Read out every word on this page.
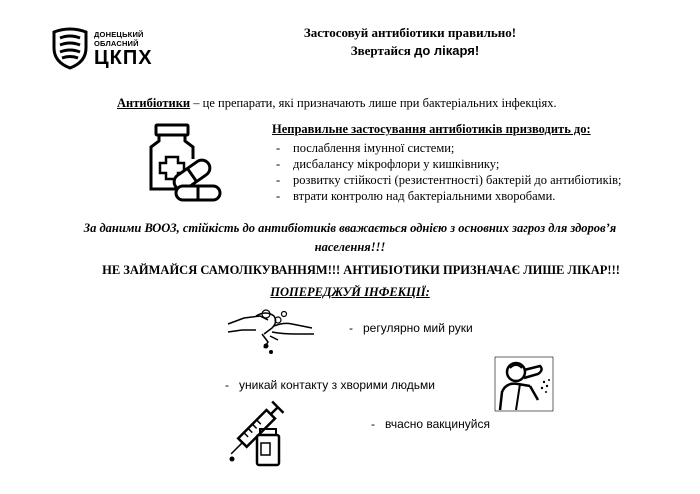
ДОНЕЦЬКИЙ
ОБЛАСНИЙ
ЦКПХ
Застосовуй антибіотики правильно!
Звертайся до лікаря!
Антибіотики – це препарати, які призначають лише при бактеріальних інфекціях.
Неправильне застосування антибіотиків призводить до:
- послаблення імунної системи;
- дисбалансу мікрофлори у кишківнику;
- розвитку стійкості (резистентності) бактерій до антибіотиків;
- втрати контролю над бактеріальними хворобами.
За даними ВООЗ, стійкість до антибіотиків вважається однією з основних загроз для здоров’я
населення!!!
НЕ ЗАЙМАЙСЯ САМОЛІКУВАННЯМ!!! АНТИБІОТИКИ ПРИЗНАЧАЄ ЛИШЕ ЛІКАР!!!
ПОПЕРЕДЖУЙ ІНФЕКЦІЇ:
- регулярно мий руки
- уникай контакту з хворими людьми
- вчасно вакцинуйся
